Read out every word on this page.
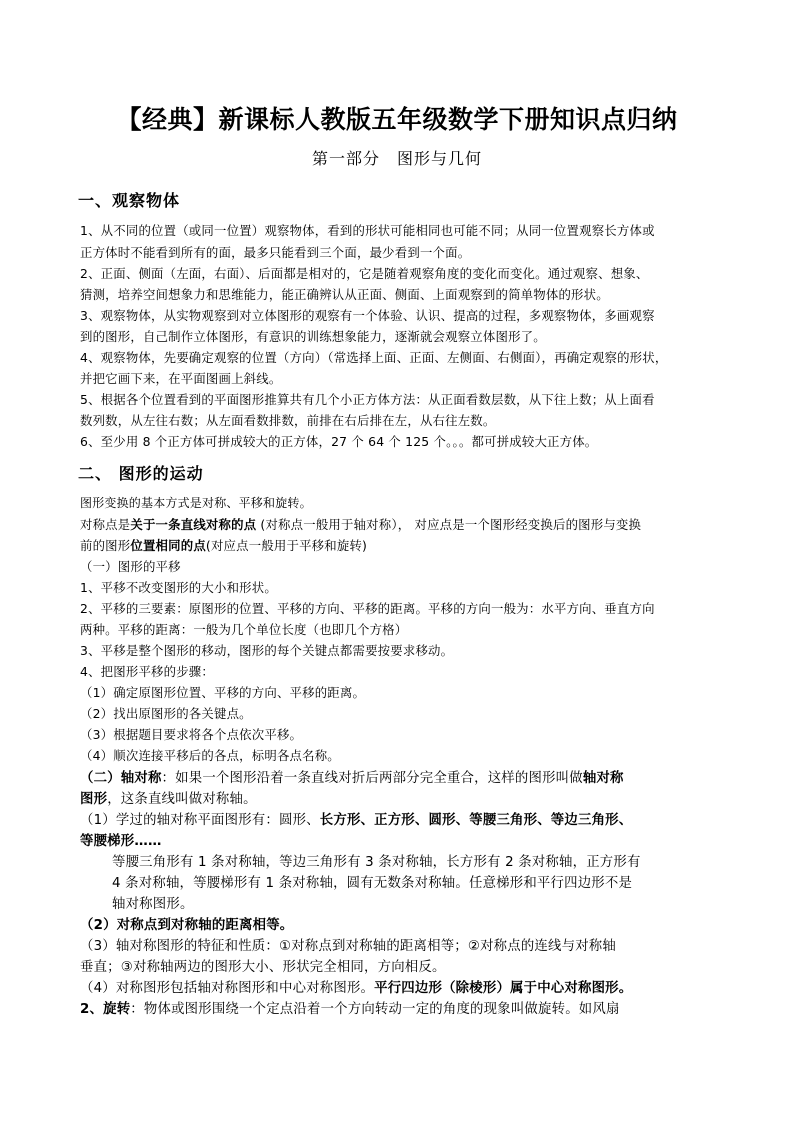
【经典】新课标人教版五年级数学下册知识点归纳
第一部分　图形与几何
一、观察物体
1、从不同的位置（或同一位置）观察物体，看到的形状可能相同也可能不同；从同一位置观察长方体或
正方体时不能看到所有的面，最多只能看到三个面，最少看到一个面。
2、正面、侧面（左面，右面）、后面都是相对的，它是随着观察角度的变化而变化。通过观察、想象、
猜测，培养空间想象力和思维能力，能正确辨认从正面、侧面、上面观察到的简单物体的形状。
3、观察物体，从实物观察到对立体图形的观察有一个体验、认识、提高的过程，多观察物体，多画观察
到的图形，自己制作立体图形，有意识的训练想象能力，逐渐就会观察立体图形了。
4、观察物体，先要确定观察的位置（方向）（常选择上面、正面、左侧面、右侧面），再确定观察的形状，
并把它画下来，在平面图画上斜线。
5、根据各个位置看到的平面图形推算共有几个小正方体方法：从正面看数层数，从下往上数；从上面看
数列数，从左往右数；从左面看数排数，前排在右后排在左，从右往左数。
6、至少用 8 个正方体可拼成较大的正方体，27 个 64 个 125 个。。。都可拼成较大正方体。
二、 图形的运动
图形变换的基本方式是对称、平移和旋转。
对称点是关于一条直线对称的点 (对称点一般用于轴对称）， 对应点是一个图形经变换后的图形与变换
前的图形位置相同的点(对应点一般用于平移和旋转)
（一）图形的平移
1、平移不改变图形的大小和形状。
2、平移的三要素：原图形的位置、平移的方向、平移的距离。平移的方向一般为：水平方向、垂直方向
两种。平移的距离：一般为几个单位长度（也即几个方格）
3、平移是整个图形的移动，图形的每个关键点都需要按要求移动。
4、把图形平移的步骤：
（1）确定原图形位置、平移的方向、平移的距离。
（2）找出原图形的各关键点。
（3）根据题目要求将各个点依次平移。
（4）顺次连接平移后的各点，标明各点名称。
（二）轴对称：如果一个图形沿着一条直线对折后两部分完全重合，这样的图形叫做轴对称
图形，这条直线叫做对称轴。
（1）学过的轴对称平面图形有：圆形、长方形、正方形、圆形、等腰三角形、等边三角形、
等腰梯形……
等腰三角形有 1 条对称轴，等边三角形有 3 条对称轴，长方形有 2 条对称轴，正方形有
4 条对称轴，等腰梯形有 1 条对称轴，圆有无数条对称轴。任意梯形和平行四边形不是
轴对称图形。
（2）对称点到对称轴的距离相等。
（3）轴对称图形的特征和性质：①对称点到对称轴的距离相等；②对称点的连线与对称轴
垂直；③对称轴两边的图形大小、形状完全相同，方向相反。
（4）对称图形包括轴对称图形和中心对称图形。平行四边形（除棱形）属于中心对称图形。
2、旋转：物体或图形围绕一个定点沿着一个方向转动一定的角度的现象叫做旋转。如风扇
